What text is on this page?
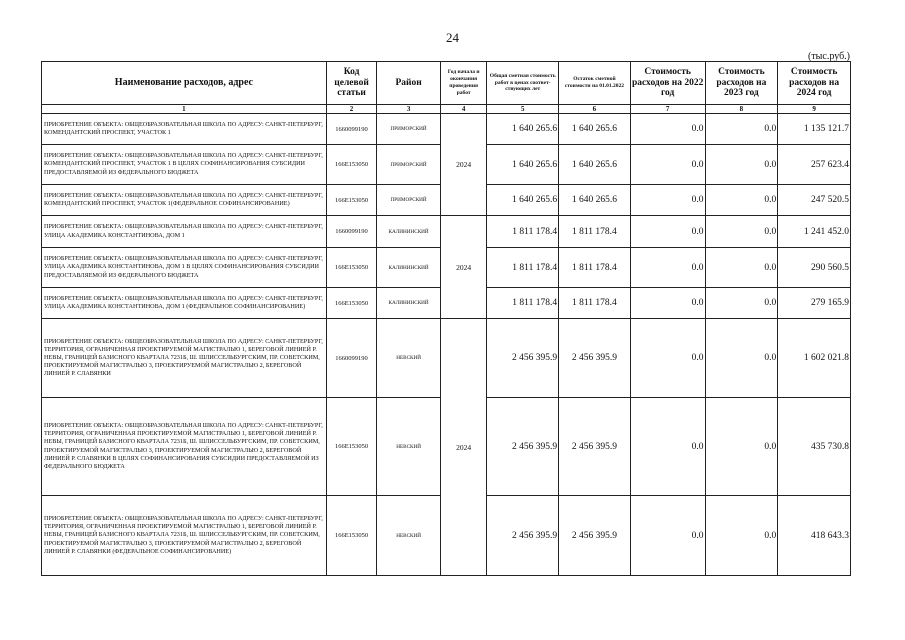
24
(тыс.руб.)
Наименование расходов, адрес	Код целевой статьи	Район	Год начала и окончания проведения работ	Общая сметная стоимость работ в ценах соответ-ствующих лет	Остаток сметной стоимости на 01.01.2022	Стоимость расходов на 2022 год	Стоимость расходов на 2023 год	Стоимость расходов на 2024 год
1	2	3	4	5	6	7	8	9
ПРИОБРЕТЕНИЕ ОБЪЕКТА: ОБЩЕОБРАЗОВАТЕЛЬНАЯ ШКОЛА ПО АДРЕСУ: САНКТ-ПЕТЕРБУРГ, КОМЕНДАНТСКИЙ ПРОСПЕКТ, УЧАСТОК 1	1660099190	ПРИМОРСКИЙ	2024	1 640 265.6	1 640 265.6	0.0	0.0	1 135 121.7
ПРИОБРЕТЕНИЕ ОБЪЕКТА: ОБЩЕОБРАЗОВАТЕЛЬНАЯ ШКОЛА ПО АДРЕСУ: САНКТ-ПЕТЕРБУРГ, КОМЕНДАНТСКИЙ ПРОСПЕКТ, УЧАСТОК 1 В ЦЕЛЯХ СОФИНАНСИРОВАНИЯ СУБСИДИИ ПРЕДОСТАВЛЯЕМОЙ ИЗ ФЕДЕРАЛЬНОГО БЮДЖЕТА	166E153050	ПРИМОРСКИЙ		1 640 265.6	1 640 265.6	0.0	0.0	257 623.4
ПРИОБРЕТЕНИЕ ОБЪЕКТА: ОБЩЕОБРАЗОВАТЕЛЬНАЯ ШКОЛА ПО АДРЕСУ: САНКТ-ПЕТЕРБУРГ, КОМЕНДАНТСКИЙ ПРОСПЕКТ, УЧАСТОК 1(ФЕДЕРАЛЬНОЕ СОФИНАНСИРОВАНИЕ)	166E153050	ПРИМОРСКИЙ		1 640 265.6	1 640 265.6	0.0	0.0	247 520.5
ПРИОБРЕТЕНИЕ ОБЪЕКТА: ОБЩЕОБРАЗОВАТЕЛЬНАЯ ШКОЛА ПО АДРЕСУ: САНКТ-ПЕТЕРБУРГ, УЛИЦА АКАДЕМИКА КОНСТАНТИНОВА, ДОМ 1	1660099190	КАЛИНИНСКИЙ	2024	1 811 178.4	1 811 178.4	0.0	0.0	1 241 452.0
ПРИОБРЕТЕНИЕ ОБЪЕКТА: ОБЩЕОБРАЗОВАТЕЛЬНАЯ ШКОЛА ПО АДРЕСУ: САНКТ-ПЕТЕРБУРГ, УЛИЦА АКАДЕМИКА КОНСТАНТИНОВА, ДОМ 1 В ЦЕЛЯХ СОФИНАНСИРОВАНИЯ СУБСИДИИ ПРЕДОСТАВЛЯЕМОЙ ИЗ ФЕДЕРАЛЬНОГО БЮДЖЕТА	166E153050	КАЛИНИНСКИЙ		1 811 178.4	1 811 178.4	0.0	0.0	290 560.5
ПРИОБРЕТЕНИЕ ОБЪЕКТА: ОБЩЕОБРАЗОВАТЕЛЬНАЯ ШКОЛА ПО АДРЕСУ: САНКТ-ПЕТЕРБУРГ, УЛИЦА АКАДЕМИКА КОНСТАНТИНОВА, ДОМ 1 (ФЕДЕРАЛЬНОЕ СОФИНАНСИРОВАНИЕ)	166E153050	КАЛИНИНСКИЙ		1 811 178.4	1 811 178.4	0.0	0.0	279 165.9
ПРИОБРЕТЕНИЕ ОБЪЕКТА: ОБЩЕОБРАЗОВАТЕЛЬНАЯ ШКОЛА ПО АДРЕСУ: САНКТ-ПЕТЕРБУРГ, ТЕРРИТОРИЯ, ОГРАНИЧЕННАЯ ПРОЕКТИРУЕМОЙ МАГИСТРАЛЬЮ 1, БЕРЕГОВОЙ ЛИНИЕЙ Р. НЕВЫ, ГРАНИЦЕЙ БАЗИСНОГО КВАРТАЛА 7231Б, Ш. ШЛИССЕЛЬБУРГСКИМ, ПР. СОВЕТСКИМ, ПРОЕКТИРУЕМОЙ МАГИСТРАЛЬЮ 3, ПРОЕКТИРУЕМОЙ МАГИСТРАЛЬЮ 2, БЕРЕГОВОЙ ЛИНИЕЙ Р. СЛАВЯНКИ	1660099190	НЕВСКИЙ	2024	2 456 395.9	2 456 395.9	0.0	0.0	1 602 021.8
ПРИОБРЕТЕНИЕ ОБЪЕКТА: ОБЩЕОБРАЗОВАТЕЛЬНАЯ ШКОЛА ПО АДРЕСУ: САНКТ-ПЕТЕРБУРГ, ТЕРРИТОРИЯ, ОГРАНИЧЕННАЯ ПРОЕКТИРУЕМОЙ МАГИСТРАЛЬЮ 1, БЕРЕГОВОЙ ЛИНИЕЙ Р. НЕВЫ, ГРАНИЦЕЙ БАЗИСНОГО КВАРТАЛА 7231Б, Ш. ШЛИССЕЛЬБУРГСКИМ, ПР. СОВЕТСКИМ, ПРОЕКТИРУЕМОЙ МАГИСТРАЛЬЮ 3, ПРОЕКТИРУЕМОЙ МАГИСТРАЛЬЮ 2, БЕРЕГОВОЙ ЛИНИЕЙ Р. СЛАВЯНКИ В ЦЕЛЯХ СОФИНАНСИРОВАНИЯ СУБСИДИИ ПРЕДОСТАВЛЯЕМОЙ ИЗ ФЕДЕРАЛЬНОГО БЮДЖЕТА	166E153050	НЕВСКИЙ		2 456 395.9	2 456 395.9	0.0	0.0	435 730.8
ПРИОБРЕТЕНИЕ ОБЪЕКТА: ОБЩЕОБРАЗОВАТЕЛЬНАЯ ШКОЛА ПО АДРЕСУ: САНКТ-ПЕТЕРБУРГ, ТЕРРИТОРИЯ, ОГРАНИЧЕННАЯ ПРОЕКТИРУЕМОЙ МАГИСТРАЛЬЮ 1, БЕРЕГОВОЙ ЛИНИЕЙ Р. НЕВЫ, ГРАНИЦЕЙ БАЗИСНОГО КВАРТАЛА 7231Б, Ш. ШЛИССЕЛЬБУРГСКИМ, ПР. СОВЕТСКИМ, ПРОЕКТИРУЕМОЙ МАГИСТРАЛЬЮ 3, ПРОЕКТИРУЕМОЙ МАГИСТРАЛЬЮ 2, БЕРЕГОВОЙ ЛИНИЕЙ Р. СЛАВЯНКИ (ФЕДЕРАЛЬНОЕ СОФИНАНСИРОВАНИЕ)	166E153050	НЕВСКИЙ		2 456 395.9	2 456 395.9	0.0	0.0	418 643.3
